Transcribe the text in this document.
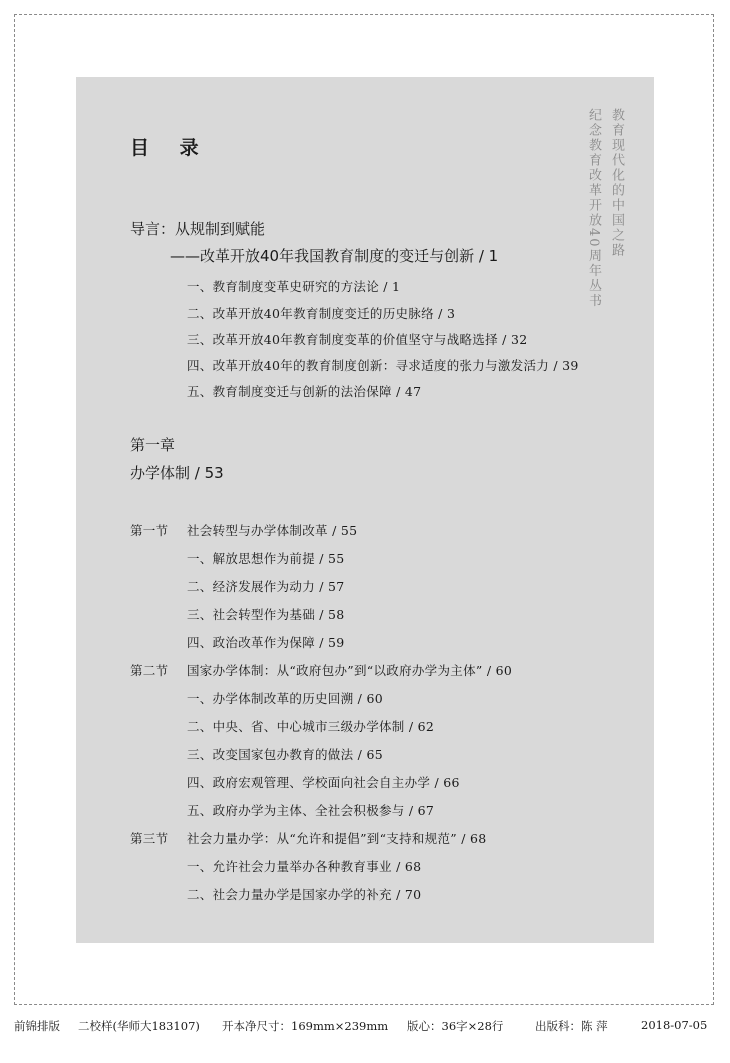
目 录	教育现代化的中国之路
纪念教育改革开放40周年丛书
导言：从规制到赋能
——改革开放40年我国教育制度的变迁与创新 / 1
一、教育制度变革史研究的方法论 / 1
二、改革开放40年教育制度变迁的历史脉络 / 3
三、改革开放40年教育制度变革的价值坚守与战略选择 / 32
四、改革开放40年的教育制度创新：寻求适度的张力与激发活力 / 39
五、教育制度变迁与创新的法治保障 / 47
第一章
办学体制 / 53
第一节 社会转型与办学体制改革 / 55
一、解放思想作为前提 / 55
二、经济发展作为动力 / 57
三、社会转型作为基础 / 58
四、政治改革作为保障 / 59
第二节 国家办学体制：从“政府包办”到“以政府办学为主体” / 60
一、办学体制改革的历史回溯 / 60
二、中央、省、中心城市三级办学体制 / 62
三、改变国家包办教育的做法 / 65
四、政府宏观管理、学校面向社会自主办学 / 66
五、政府办学为主体、全社会积极参与 / 67
第三节 社会力量办学：从“允许和提倡”到“支持和规范” / 68
一、允许社会力量举办各种教育事业 / 68
二、社会力量办学是国家办学的补充 / 70
前锦排版 二校样(华师大183107) 开本净尺寸：169mm×239mm 版心：36字×28行	出版科：陈 萍	2018-07-05
